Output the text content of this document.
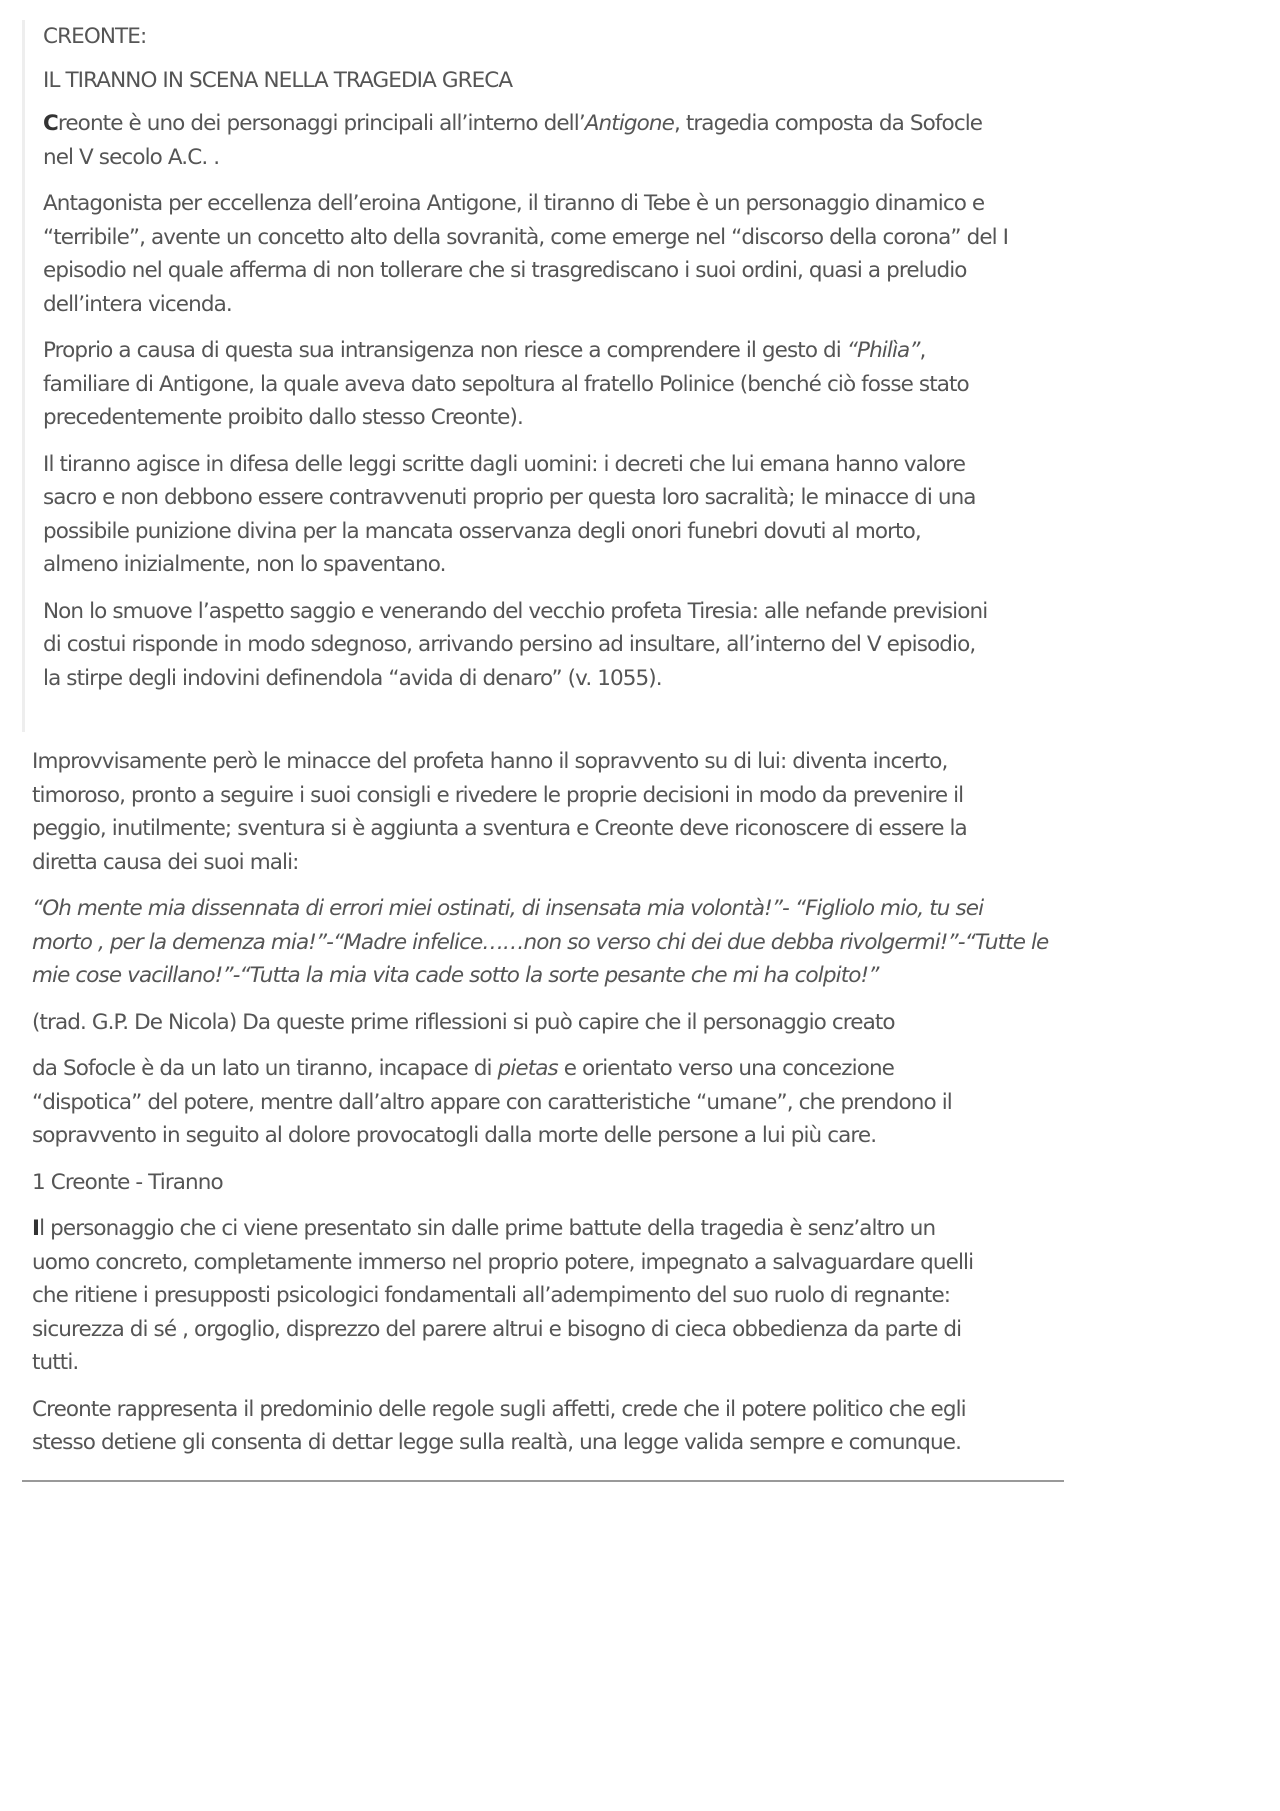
CREONTE:

IL TIRANNO IN SCENA NELLA TRAGEDIA GRECA

Creonte è uno dei personaggi principali all’interno dell’Antigone, tragedia composta da Sofocle
nel V secolo A.C. .

Antagonista per eccellenza dell’eroina Antigone, il tiranno di Tebe è un personaggio dinamico e
“terribile”, avente un concetto alto della sovranità, come emerge nel “discorso della corona” del I
episodio nel quale afferma di non tollerare che si trasgrediscano i suoi ordini, quasi a preludio
dell’intera vicenda.

Proprio a causa di questa sua intransigenza non riesce a comprendere il gesto di “Philìa”,
familiare di Antigone, la quale aveva dato sepoltura al fratello Polinice (benché ciò fosse stato
precedentemente proibito dallo stesso Creonte).

Il tiranno agisce in difesa delle leggi scritte dagli uomini: i decreti che lui emana hanno valore
sacro e non debbono essere contravvenuti proprio per questa loro sacralità; le minacce di una
possibile punizione divina per la mancata osservanza degli onori funebri dovuti al morto,
almeno inizialmente, non lo spaventano.

Non lo smuove l’aspetto saggio e venerando del vecchio profeta Tiresia: alle nefande previsioni
di costui risponde in modo sdegnoso, arrivando persino ad insultare, all’interno del V episodio,
la stirpe degli indovini definendola “avida di denaro” (v. 1055).

Improvvisamente però le minacce del profeta hanno il sopravvento su di lui: diventa incerto,
timoroso, pronto a seguire i suoi consigli e rivedere le proprie decisioni in modo da prevenire il
peggio, inutilmente; sventura si è aggiunta a sventura e Creonte deve riconoscere di essere la
diretta causa dei suoi mali:

“Oh mente mia dissennata di errori miei ostinati, di insensata mia volontà!”- “Figliolo mio, tu sei
morto , per la demenza mia!”-“Madre infelice……non so verso chi dei due debba rivolgermi!”-“Tutte le
mie cose vacillano!”-“Tutta la mia vita cade sotto la sorte pesante che mi ha colpito!”

(trad. G.P. De Nicola) Da queste prime riflessioni si può capire che il personaggio creato

da Sofocle è da un lato un tiranno, incapace di pietas e orientato verso una concezione
“dispotica” del potere, mentre dall’altro appare con caratteristiche “umane”, che prendono il
sopravvento in seguito al dolore provocatogli dalla morte delle persone a lui più care.

1 Creonte - Tiranno

Il personaggio che ci viene presentato sin dalle prime battute della tragedia è senz’altro un
uomo concreto, completamente immerso nel proprio potere, impegnato a salvaguardare quelli
che ritiene i presupposti psicologici fondamentali all’adempimento del suo ruolo di regnante:
sicurezza di sé , orgoglio, disprezzo del parere altrui e bisogno di cieca obbedienza da parte di
tutti.

Creonte rappresenta il predominio delle regole sugli affetti, crede che il potere politico che egli
stesso detiene gli consenta di dettar legge sulla realtà, una legge valida sempre e comunque.
